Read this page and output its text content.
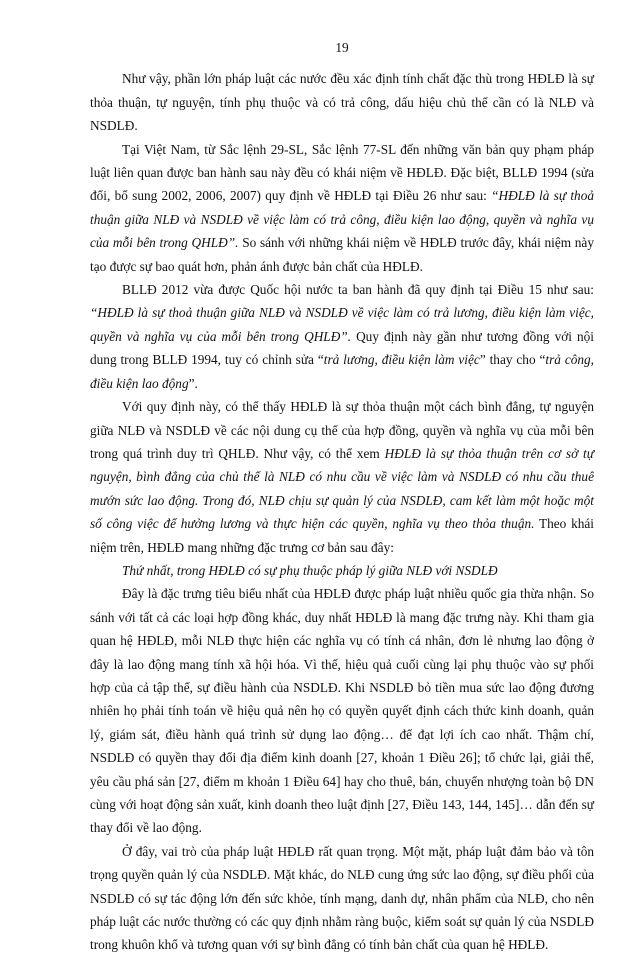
19

Như vậy, phần lớn pháp luật các nước đều xác định tính chất đặc thù trong HĐLĐ là sự thỏa thuận, tự nguyện, tính phụ thuộc và có trả công, dấu hiệu chủ thể cần có là NLĐ và NSDLĐ.

Tại Việt Nam, từ Sắc lệnh 29-SL, Sắc lệnh 77-SL đến những văn bản quy phạm pháp luật liên quan được ban hành sau này đều có khái niệm về HĐLĐ. Đặc biệt, BLLĐ 1994 (sửa đổi, bổ sung 2002, 2006, 2007) quy định về HĐLĐ tại Điều 26 như sau: “HĐLĐ là sự thoả thuận giữa NLĐ và NSDLĐ về việc làm có trả công, điều kiện lao động, quyền và nghĩa vụ của mỗi bên trong QHLĐ”. So sánh với những khái niệm về HĐLĐ trước đây, khái niệm này tạo được sự bao quát hơn, phản ánh được bản chất của HĐLĐ.

BLLĐ 2012 vừa được Quốc hội nước ta ban hành đã quy định tại Điều 15 như sau: “HĐLĐ là sự thoả thuận giữa NLĐ và NSDLĐ về việc làm có trả lương, điều kiện làm việc, quyền và nghĩa vụ của mỗi bên trong QHLĐ”. Quy định này gần như tương đồng với nội dung trong BLLĐ 1994, tuy có chỉnh sửa “trả lương, điều kiện làm việc” thay cho “trả công, điều kiện lao động”.

Với quy định này, có thể thấy HĐLĐ là sự thỏa thuận một cách bình đẳng, tự nguyện giữa NLĐ và NSDLĐ về các nội dung cụ thể của hợp đồng, quyền và nghĩa vụ của mỗi bên trong quá trình duy trì QHLĐ. Như vậy, có thể xem HĐLĐ là sự thỏa thuận trên cơ sở tự nguyện, bình đẳng của chủ thể là NLĐ có nhu cầu về việc làm và NSDLĐ có nhu cầu thuê mướn sức lao động. Trong đó, NLĐ chịu sự quản lý của NSDLĐ, cam kết làm một hoặc một số công việc để hưởng lương và thực hiện các quyền, nghĩa vụ theo thỏa thuận. Theo khái niệm trên, HĐLĐ mang những đặc trưng cơ bản sau đây:

Thứ nhất, trong HĐLĐ có sự phụ thuộc pháp lý giữa NLĐ với NSDLĐ

Đây là đặc trưng tiêu biểu nhất của HĐLĐ được pháp luật nhiều quốc gia thừa nhận. So sánh với tất cả các loại hợp đồng khác, duy nhất HĐLĐ là mang đặc trưng này. Khi tham gia quan hệ HĐLĐ, mỗi NLĐ thực hiện các nghĩa vụ có tính cá nhân, đơn lẻ nhưng lao động ở đây là lao động mang tính xã hội hóa. Vì thế, hiệu quả cuối cùng lại phụ thuộc vào sự phối hợp của cả tập thể, sự điều hành của NSDLĐ. Khi NSDLĐ bỏ tiền mua sức lao động đương nhiên họ phải tính toán về hiệu quả nên họ có quyền quyết định cách thức kinh doanh, quản lý, giám sát, điều hành quá trình sử dụng lao động… để đạt lợi ích cao nhất. Thậm chí, NSDLĐ có quyền thay đổi địa điểm kinh doanh [27, khoản 1 Điều 26]; tổ chức lại, giải thể, yêu cầu phá sản [27, điểm m khoản 1 Điều 64] hay cho thuê, bán, chuyển nhượng toàn bộ DN cùng với hoạt động sản xuất, kinh doanh theo luật định [27, Điều 143, 144, 145]… dẫn đến sự thay đổi về lao động.

Ở đây, vai trò của pháp luật HĐLĐ rất quan trọng. Một mặt, pháp luật đảm bảo và tôn trọng quyền quản lý của NSDLĐ. Mặt khác, do NLĐ cung ứng sức lao động, sự điều phối của NSDLĐ có sự tác động lớn đến sức khỏe, tính mạng, danh dự, nhân phẩm của NLĐ, cho nên pháp luật các nước thường có các quy định nhằm ràng buộc, kiểm soát sự quản lý của NSDLĐ trong khuôn khổ và tương quan với sự bình đẳng có tính bản chất của quan hệ HĐLĐ.
